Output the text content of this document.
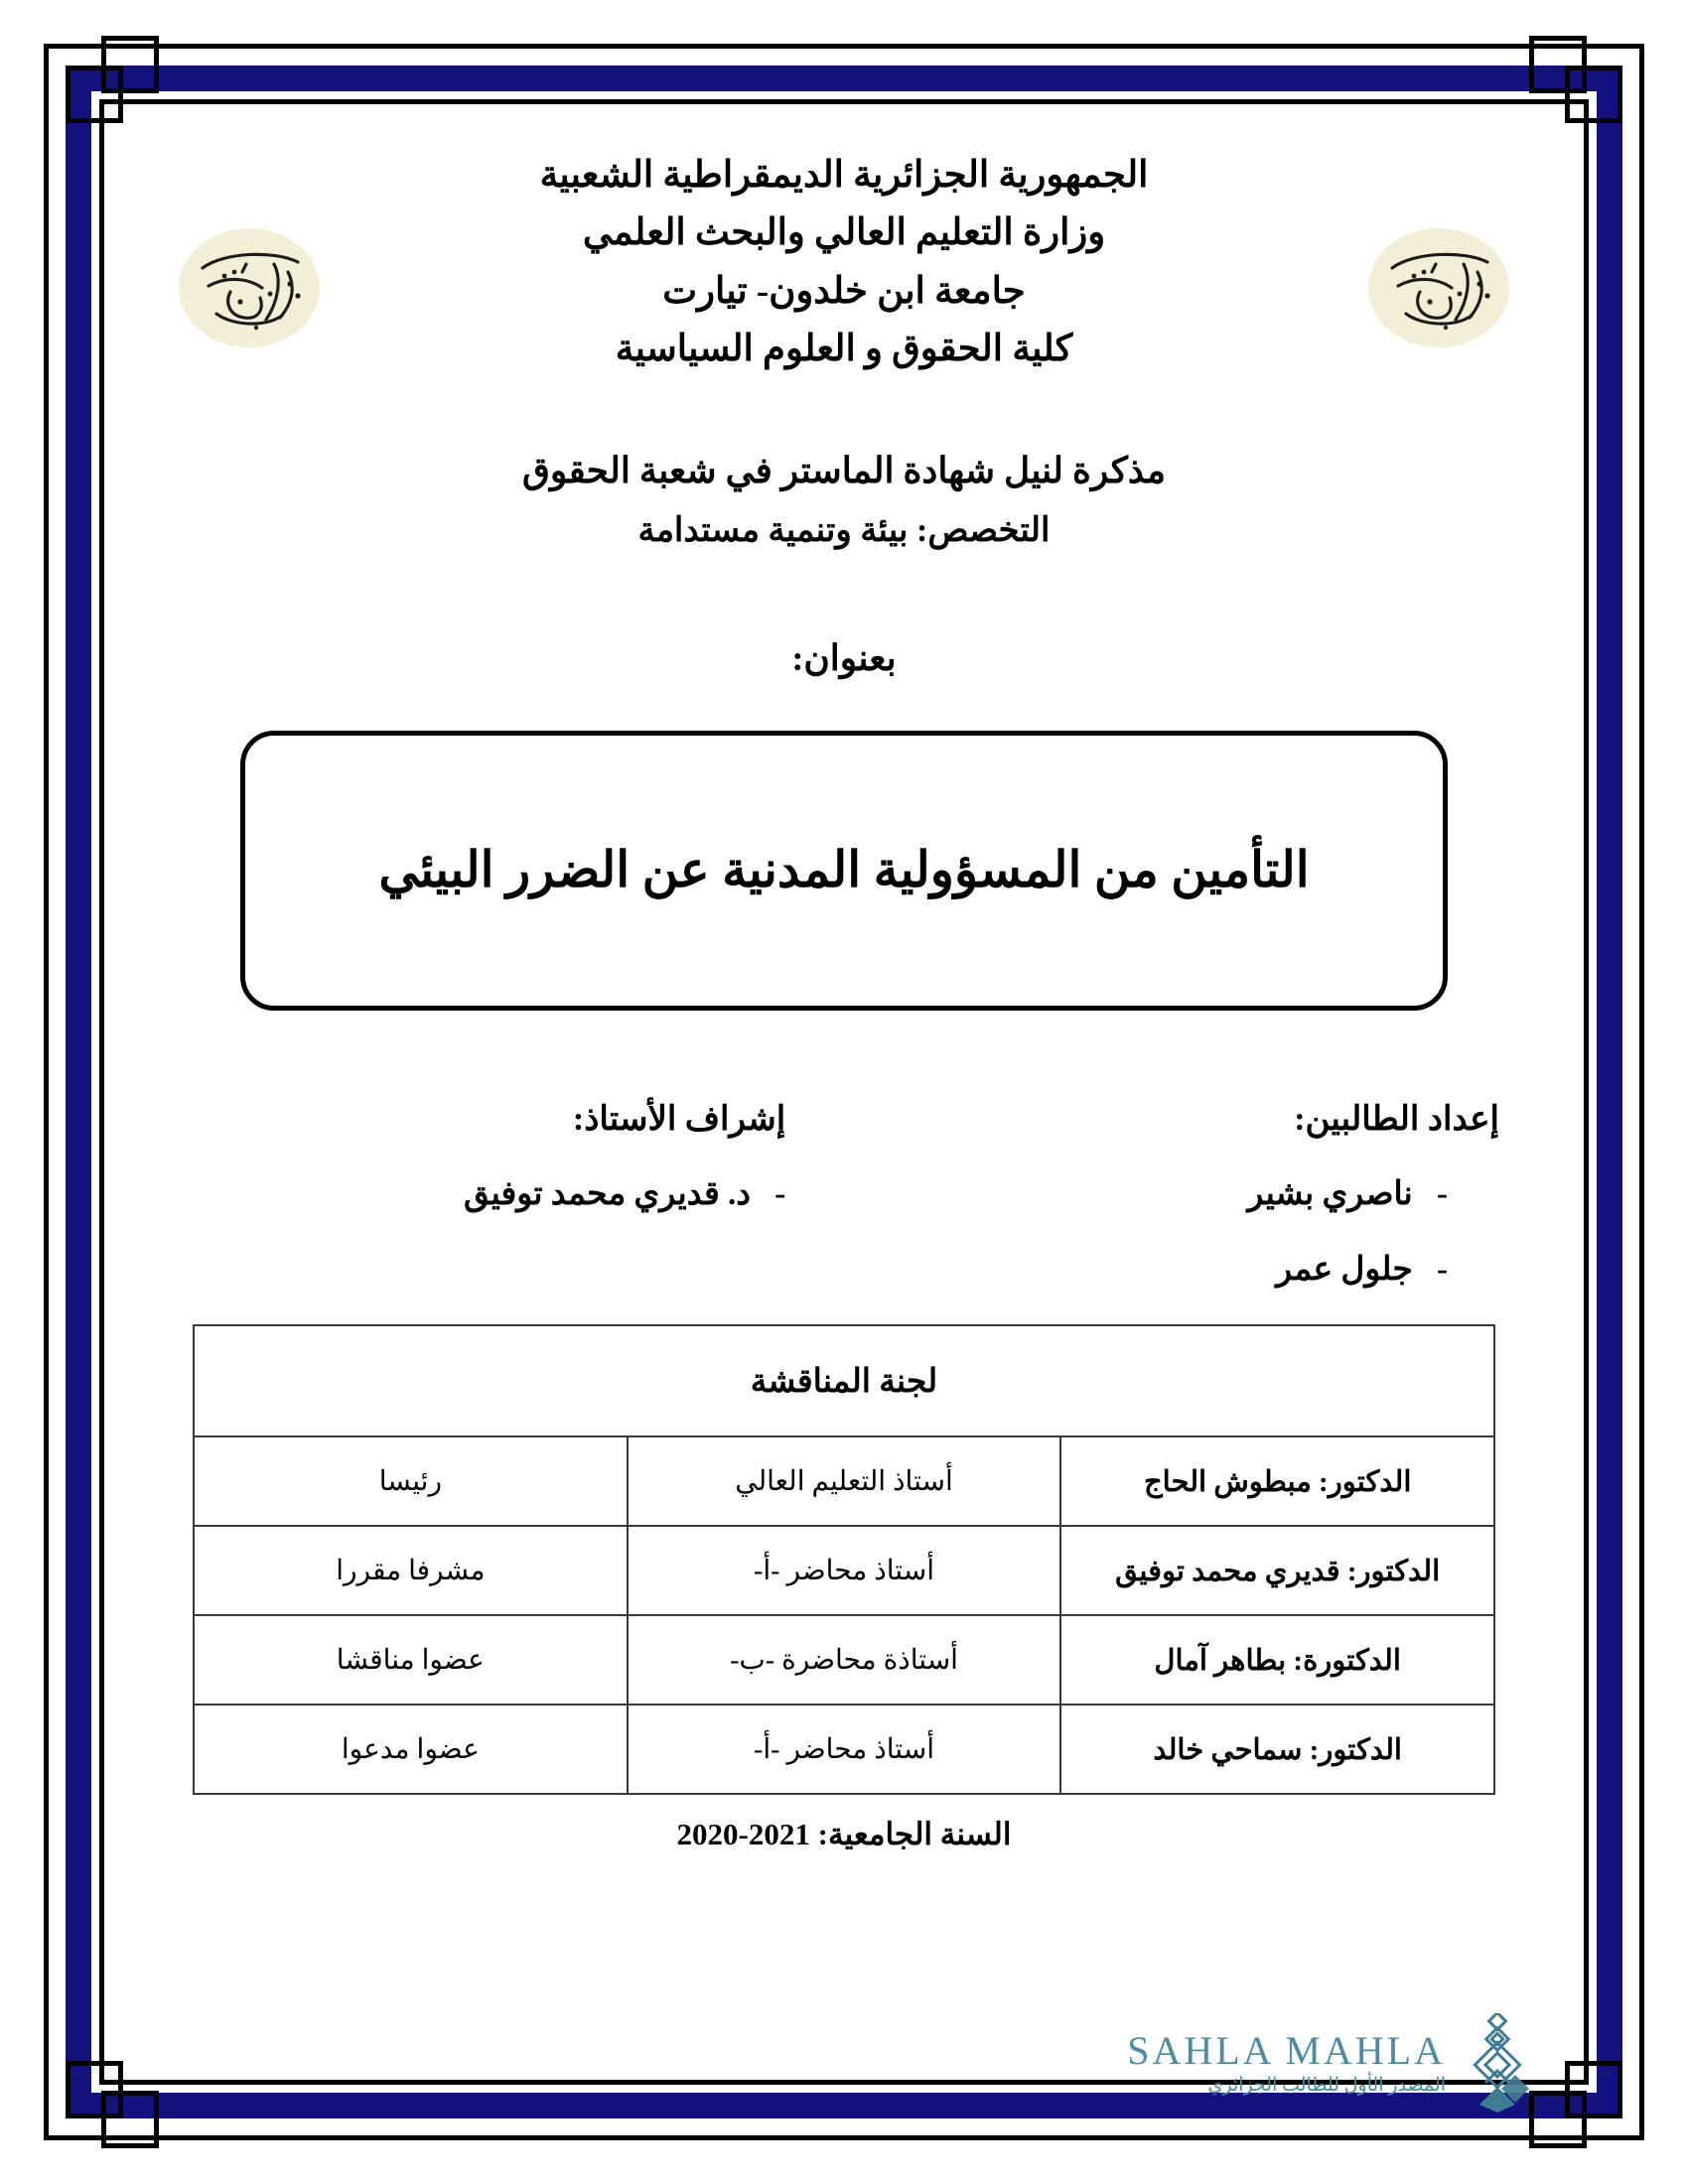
الجمهورية الجزائرية الديمقراطية الشعبية
وزارة التعليم العالي والبحث العلمي
جامعة ابن خلدون- تيارت
كلية الحقوق و العلوم السياسية
مذكرة لنيل شهادة الماستر في شعبة الحقوق
التخصص: بيئة وتنمية مستدامة
بعنوان:
التأمين من المسؤولية المدنية عن الضرر البيئي
إعداد الطالبين:
- ناصري بشير
- جلول عمر
إشراف الأستاذ:
- د. قديري محمد توفيق
لجنة المناقشة		
الدكتور: مبطوش الحاج	أستاذ التعليم العالي	رئيسا
الدكتور: قديري محمد توفيق	أستاذ محاضر -أ-	مشرفا مقررا
الدكتورة: بطاهر آمال	أستاذة محاضرة -ب-	عضوا مناقشا
الدكتور: سماحي خالد	أستاذ محاضر -أ-	عضوا مدعوا
السنة الجامعية: 2020-2021
SAHLA MAHLA
المصدر الأول للطالب الجزائري
